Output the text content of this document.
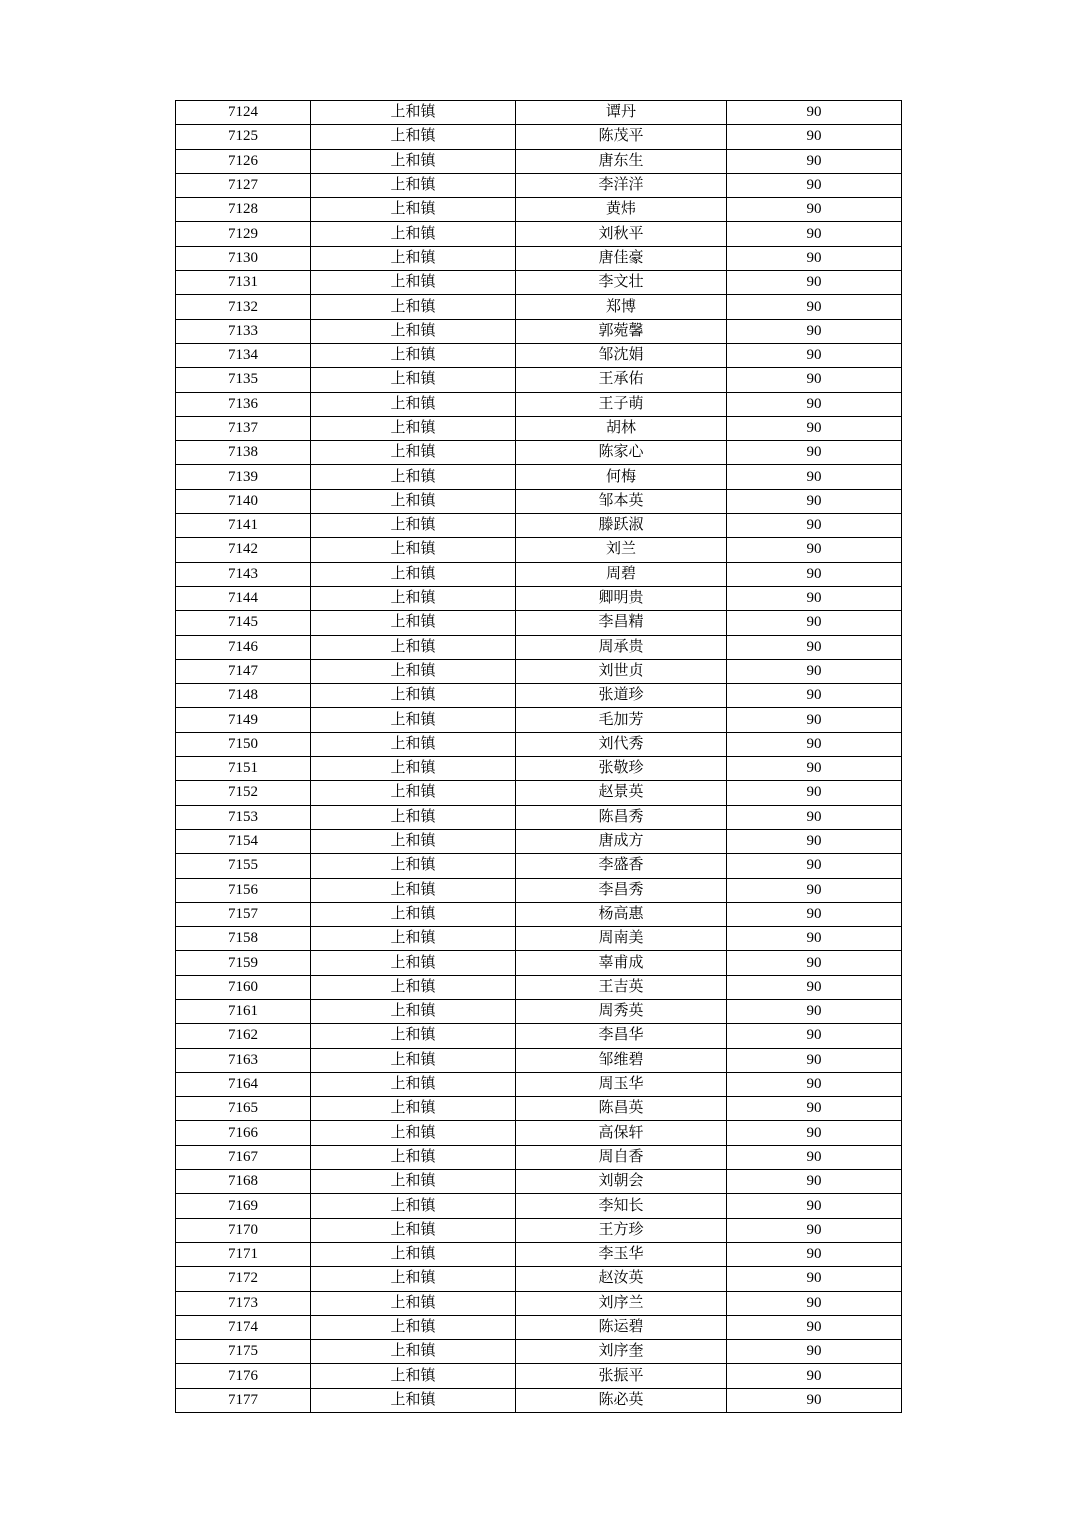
7124	上和镇	谭丹	90
7125	上和镇	陈茂平	90
7126	上和镇	唐东生	90
7127	上和镇	李洋洋	90
7128	上和镇	黄炜	90
7129	上和镇	刘秋平	90
7130	上和镇	唐佳豪	90
7131	上和镇	李文壮	90
7132	上和镇	郑博	90
7133	上和镇	郭菀馨	90
7134	上和镇	邹沈娟	90
7135	上和镇	王承佑	90
7136	上和镇	王子萌	90
7137	上和镇	胡林	90
7138	上和镇	陈家心	90
7139	上和镇	何梅	90
7140	上和镇	邹本英	90
7141	上和镇	滕跃淑	90
7142	上和镇	刘兰	90
7143	上和镇	周碧	90
7144	上和镇	卿明贵	90
7145	上和镇	李昌精	90
7146	上和镇	周承贵	90
7147	上和镇	刘世贞	90
7148	上和镇	张道珍	90
7149	上和镇	毛加芳	90
7150	上和镇	刘代秀	90
7151	上和镇	张敬珍	90
7152	上和镇	赵景英	90
7153	上和镇	陈昌秀	90
7154	上和镇	唐成方	90
7155	上和镇	李盛香	90
7156	上和镇	李昌秀	90
7157	上和镇	杨高惠	90
7158	上和镇	周南美	90
7159	上和镇	辜甫成	90
7160	上和镇	王吉英	90
7161	上和镇	周秀英	90
7162	上和镇	李昌华	90
7163	上和镇	邹维碧	90
7164	上和镇	周玉华	90
7165	上和镇	陈昌英	90
7166	上和镇	高保轩	90
7167	上和镇	周自香	90
7168	上和镇	刘朝会	90
7169	上和镇	李知长	90
7170	上和镇	王方珍	90
7171	上和镇	李玉华	90
7172	上和镇	赵汝英	90
7173	上和镇	刘序兰	90
7174	上和镇	陈运碧	90
7175	上和镇	刘序奎	90
7176	上和镇	张振平	90
7177	上和镇	陈必英	90
